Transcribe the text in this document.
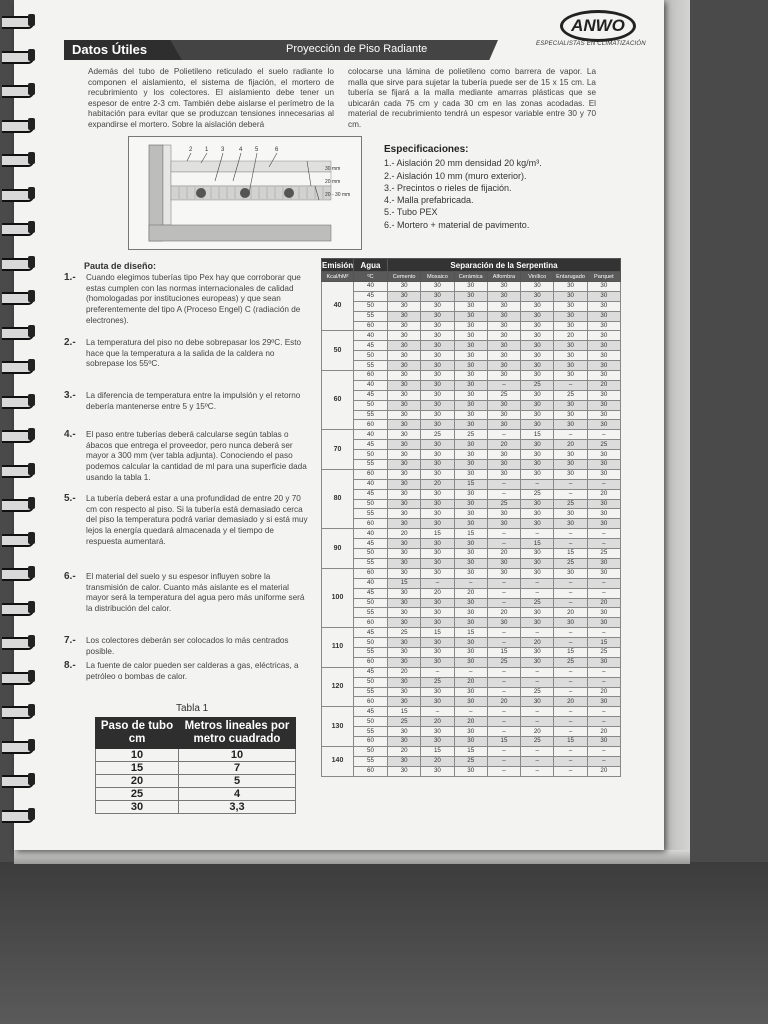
Datos Útiles	Proyección de Piso Radiante
ANWO
ESPECIALISTAS EN CLIMATIZACIÓN
Además del tubo de Polietileno reticulado el suelo radiante lo componen el aislamiento, el sistema de fijación, el mortero de recubrimiento y los colectores. El aislamiento debe tener un espesor de entre 2-3 cm. También debe aislarse el perímetro de la habitación para evitar que se produzcan tensiones innecesarias al expandirse el mortero. Sobre la aislación deberá
colocarse una lámina de polietileno como barrera de vapor. La malla que sirve para sujetar la tubería puede ser de 15 x 15 cm. La tubería se fijará a la malla mediante amarras plásticas que se ubicarán cada 75 cm y cada 30 cm en las zonas acodadas. El material de recubrimiento tendrá un espesor variable entre 30 y 70 cm.
2 1 3 4 5	6
30 mm
20 mm
20 - 30 mm
Especificaciones:
1.- Aislación 20 mm densidad 20 kg/m³.
2.- Aislación 10 mm (muro exterior).
3.- Precintos o rieles de fijación.
4.- Malla prefabricada.
5.- Tubo PEX
6.- Mortero + material de pavimento.
Pauta de diseño:
1.- Cuando elegimos tuberías tipo Pex hay que corroborar que estas cumplen con las normas internacionales de calidad (homologadas por instituciones europeas) y que sean preferentemente del tipo A (Proceso Engel) C (radiación de electrones).
2.- La temperatura del piso no debe sobrepasar los 29ºC. Esto hace que la temperatura a la salida de la caldera no sobrepase los 55ºC.
3.- La diferencia de temperatura entre la impulsión y el retorno debería mantenerse entre 5 y 15ºC.
4.- El paso entre tuberías deberá calcularse según tablas o ábacos que entrega el proveedor, pero nunca deberá ser mayor a 300 mm (ver tabla adjunta). Conociendo el paso podemos calcular la cantidad de ml para una superficie dada usando la tabla 1.
5.- La tubería deberá estar a una profundidad de entre 20 y 70 cm con respecto al piso. Si la tubería está demasiado cerca del piso la temperatura podrá variar demasiado y si está muy lejos la energía quedará almacenada y el tiempo de respuesta aumentará.
6.- El material del suelo y su espesor influyen sobre la transmisión de calor. Cuanto más aislante es el material mayor será la temperatura del agua pero más uniforme será la distribución del calor.
7.- Los colectores deberán ser colocados lo más centrados posible.
8.- La fuente de calor pueden ser calderas a gas, eléctricas, a petróleo o bombas de calor.
Tabla 1
Paso de tubo cm	Metros lineales por metro cuadrado
10	10
15	7
20	5
25	4
30	3,3
Emisión	Agua	Separación de la Serpentina						
Kcal/hM²	ºC	Cemento	Mosaico	Cerámica	Alfombra	Vinílico	Entarugado	Parquet
40	40	30	30	30	30	30	30	30
	45	30	30	30	30	30	30	30
	50	30	30	30	30	30	30	30
	55	30	30	30	30	30	30	30
	60	30	30	30	30	30	30	30
50	40	30	30	30	30	30	20	30
	45	30	30	30	30	30	30	30
	50	30	30	30	30	30	30	30
	55	30	30	30	30	30	30	30
60	60	30	30	30	30	30	30	30
	40	30	30	30	–	25	–	20
	45	30	30	30	25	30	25	30
	50	30	30	30	30	30	30	30
	55	30	30	30	30	30	30	30
	60	30	30	30	30	30	30	30
70	40	30	25	25	–	15	–	–
	45	30	30	30	20	30	20	25
	50	30	30	30	30	30	30	30
	55	30	30	30	30	30	30	30
80	60	30	30	30	30	30	30	30
	40	30	20	15	–	–	–	–
	45	30	30	30	–	25	–	20
	50	30	30	30	25	30	25	30
	55	30	30	30	30	30	30	30
	60	30	30	30	30	30	30	30
90	40	20	15	15	–	–	–	–
	45	30	30	30	–	15	–	–
	50	30	30	30	20	30	15	25
	55	30	30	30	30	30	25	30
100	60	30	30	30	30	30	30	30
	40	15	–	–	–	–	–	–
	45	30	20	20	–	–	–	–
	50	30	30	30	–	25	–	20
	55	30	30	30	20	30	20	30
	60	30	30	30	30	30	30	30
110	45	25	15	15	–	–	–	–
	50	30	30	30	–	20	–	15
	55	30	30	30	15	30	15	25
	60	30	30	30	25	30	25	30
120	45	20	–	–	–	–	–	–
	50	30	25	20	–	–	–	–
	55	30	30	30	–	25	–	20
	60	30	30	30	20	30	20	30
130	45	15	–	–	–	–	–	–
	50	25	20	20	–	–	–	–
	55	30	30	30	–	20	–	20
	60	30	30	30	15	25	15	30
140	50	20	15	15	–	–	–	–
	55	30	20	25	–	–	–	–
	60	30	30	30	–	–	–	20
